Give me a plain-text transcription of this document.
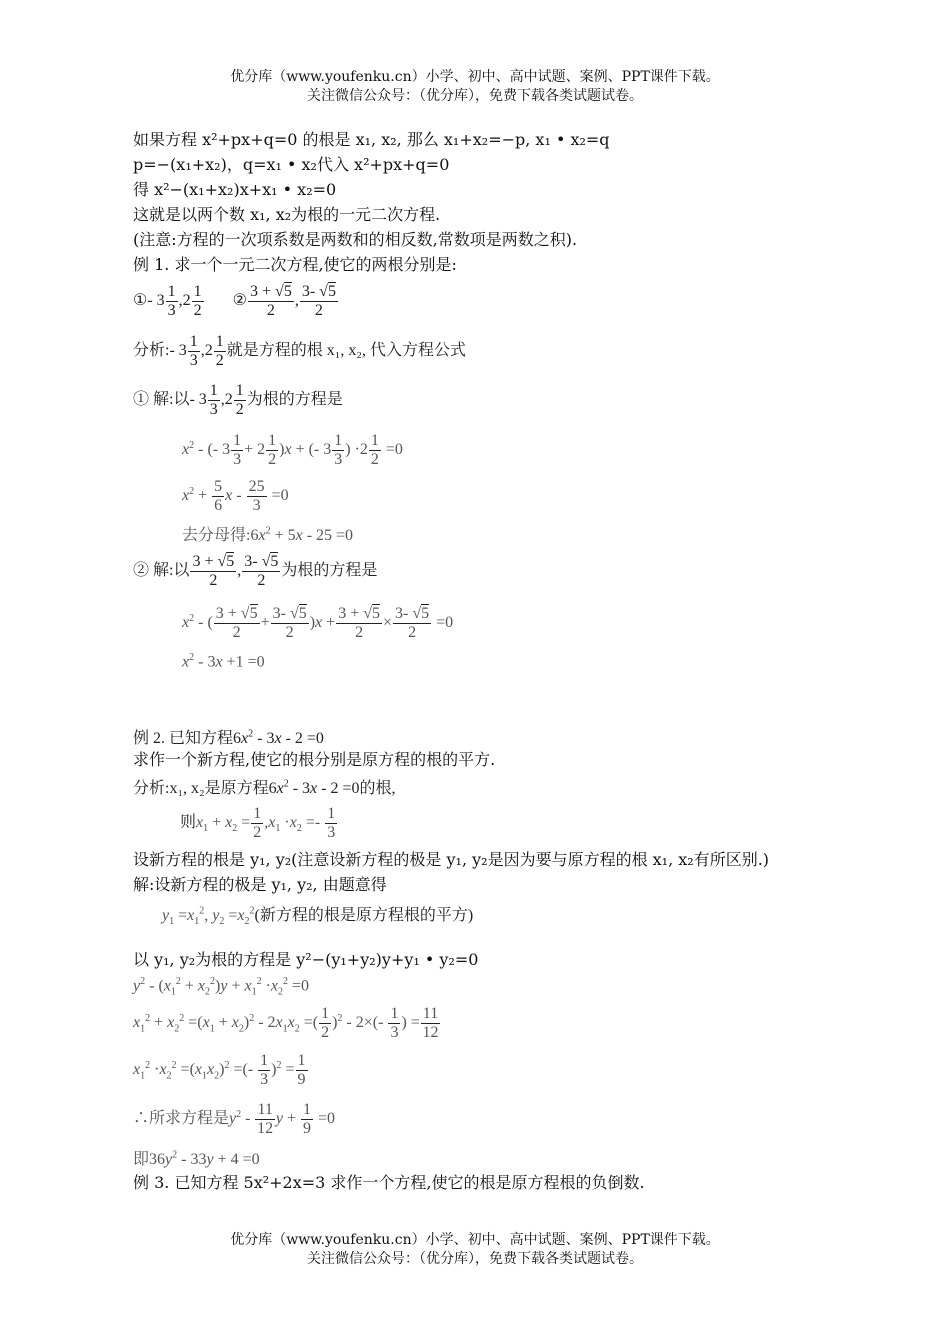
优分库（www.youfenku.cn）小学、初中、高中试题、案例、PPT课件下载。
关注微信公众号：（优分库），免费下载各类试题试卷。
如果方程 x²+px+q=0 的根是 x₁, x₂, 那么 x₁+x₂=−p, x₁ • x₂=q
p=−(x₁+x₂)，q=x₁ • x₂代入 x²+px+q=0
得 x²−(x₁+x₂)x+x₁ • x₂=0
这就是以两个数 x₁, x₂为根的一元二次方程.
(注意:方程的一次项系数是两数和的相反数,常数项是两数之积).
例 1. 求一个一元二次方程,使它的两根分别是:
①- $3 \frac{1}{3} ,2 \frac{1}{2}$ ② $\frac{3 + √5}{2}$ , $\frac{3- √5}{2}$
分析:- $3 \frac{1}{3} ,2 \frac{1}{2}$ 就是方程的根 x₁, x₂, 代入方程公式
① 解:以- $3 \frac{1}{3} ,2 \frac{1}{2}$ 为根的方程是
$x^2$ - (- $3 \frac{1}{3} + 2 \frac{1}{2} )x$ + (- $3 \frac{1}{3}$ ) $\cdot 2 \frac{1}{2} =0$
$x^2 + \frac{5}{6}$ $x - \frac{25}{3} =0$
去分母得$:6x^2 + 5x - 25 =0$
② 解:以 $\frac{3 + √5}{2}$ , $\frac{3- √5}{2}$ 为根的方程是
$x^2$ - ( $\frac{3 + √5}{2} + \frac{3- √5}{2} )x + \frac{3 + √5}{2} \times \frac{3- √5}{2} =0$
$x^2 - 3x +1 =0$
例 2. 已知方程$6x^2 - 3x - 2 =0$
求作一个新方程,使它的根分别是原方程的根的平方.
分析:x₁, x₂是原方程$6x^2 - 3x - 2 =0$的根,
则$x_1 + x_2 = \frac{1}{2} ,x_1 \cdot x_2 =- \frac{1}{3}$
设新方程的根是 y₁, y₂(注意设新方程的极是 y₁, y₂是因为要与原方程的根 x₁, x₂有所区别.)
解:设新方程的极是 y₁, y₂, 由题意得
$y_1 =x_1^2$, $y_2 =x_2^2$(新方程的根是原方程根的平方)
以 y₁, y₂为根的方程是 y²−(y₁+y₂)y+y₁ • y₂=0
$y^2 - (x_1^2 + x_2^2)y + x_1^2 \cdot x_2^2 =0$
$x_1^2 + x_2^2 =(x_1 + x_2)^2 - 2x_1x_2$ =( $\frac{1}{2} )^2 - 2\times(- \frac{1}{3}$ ) = $\frac{11}{12}$
$x_1^2 \cdot x_2^2 =(x_1x_2)^2$ =(- $\frac{1}{3} )^2 = \frac{1}{9}$
∴所求方程是$y^2 - \frac{11}{12}$ $y + \frac{1}{9} =0$
即$36y^2 - 33y + 4 =0$
例 3. 已知方程 5x²+2x=3 求作一个方程,使它的根是原方程根的负倒数.
优分库（www.youfenku.cn）小学、初中、高中试题、案例、PPT课件下载。
关注微信公众号：（优分库），免费下载各类试题试卷。
